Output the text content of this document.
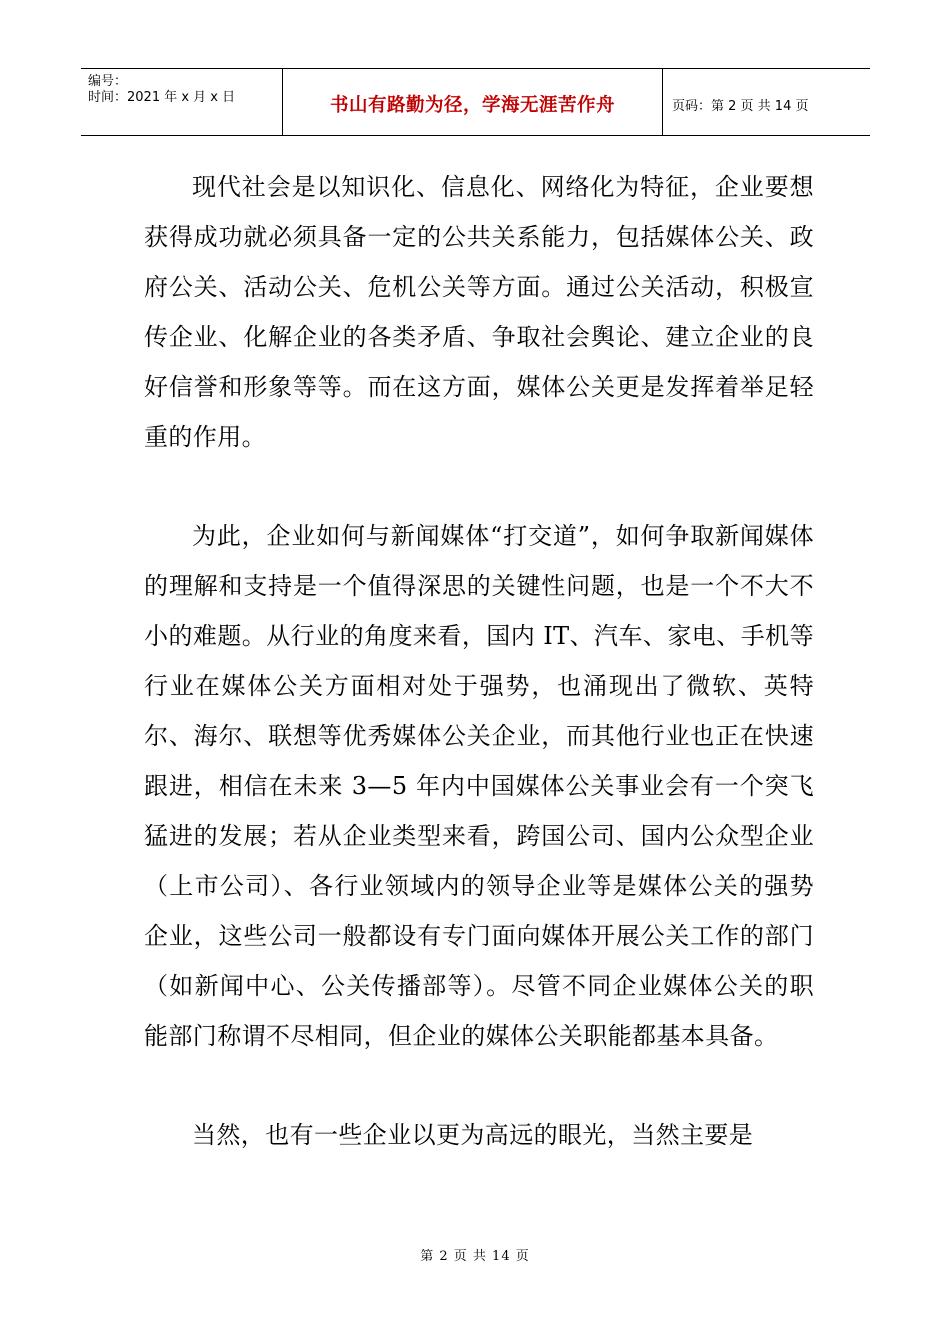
编号：
时间：2021 年 x 月 x 日	书山有路勤为径，学海无涯苦作舟	页码：第 2 页 共 14 页

现代社会是以知识化、信息化、网络化为特征，企业要想获得成功就必须具备一定的公共关系能力，包括媒体公关、政府公关、活动公关、危机公关等方面。通过公关活动，积极宣传企业、化解企业的各类矛盾、争取社会舆论、建立企业的良好信誉和形象等等。而在这方面，媒体公关更是发挥着举足轻重的作用。

为此，企业如何与新闻媒体“打交道”，如何争取新闻媒体的理解和支持是一个值得深思的关键性问题，也是一个不大不小的难题。从行业的角度来看，国内 IT、汽车、家电、手机等行业在媒体公关方面相对处于强势，也涌现出了微软、英特尔、海尔、联想等优秀媒体公关企业，而其他行业也正在快速跟进，相信在未来 3—5 年内中国媒体公关事业会有一个突飞猛进的发展；若从企业类型来看，跨国公司、国内公众型企业（上市公司）、各行业领域内的领导企业等是媒体公关的强势企业，这些公司一般都设有专门面向媒体开展公关工作的部门（如新闻中心、公关传播部等）。尽管不同企业媒体公关的职能部门称谓不尽相同，但企业的媒体公关职能都基本具备。

当然，也有一些企业以更为高远的眼光，当然主要是

第 2 页 共 14 页
